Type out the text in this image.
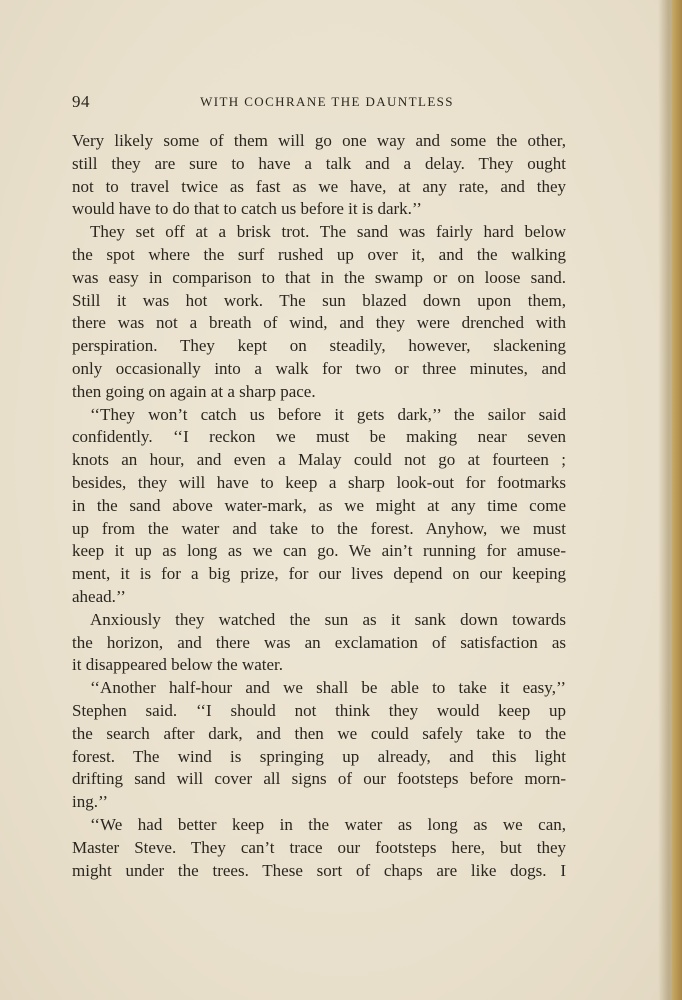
94	WITH COCHRANE THE DAUNTLESS
Very likely some of them will go one way and some the other,
still they are sure to have a talk and a delay. They ought
not to travel twice as fast as we have, at any rate, and they
would have to do that to catch us before it is dark.’’
They set off at a brisk trot. The sand was fairly hard below
the spot where the surf rushed up over it, and the walking
was easy in comparison to that in the swamp or on loose sand.
Still it was hot work. The sun blazed down upon them,
there was not a breath of wind, and they were drenched with
perspiration. They kept on steadily, however, slackening
only occasionally into a walk for two or three minutes, and
then going on again at a sharp pace.
‘‘They won’t catch us before it gets dark,’’ the sailor said
confidently. ‘‘I reckon we must be making near seven
knots an hour, and even a Malay could not go at fourteen ;
besides, they will have to keep a sharp look-out for footmarks
in the sand above water-mark, as we might at any time come
up from the water and take to the forest. Anyhow, we must
keep it up as long as we can go. We ain’t running for amuse-
ment, it is for a big prize, for our lives depend on our keeping
ahead.’’
Anxiously they watched the sun as it sank down towards
the horizon, and there was an exclamation of satisfaction as
it disappeared below the water.
‘‘Another half-hour and we shall be able to take it easy,’’
Stephen said. ‘‘I should not think they would keep up
the search after dark, and then we could safely take to the
forest. The wind is springing up already, and this light
drifting sand will cover all signs of our footsteps before morn-
ing.’’
‘‘We had better keep in the water as long as we can,
Master Steve. They can’t trace our footsteps here, but they
might under the trees. These sort of chaps are like dogs. I
